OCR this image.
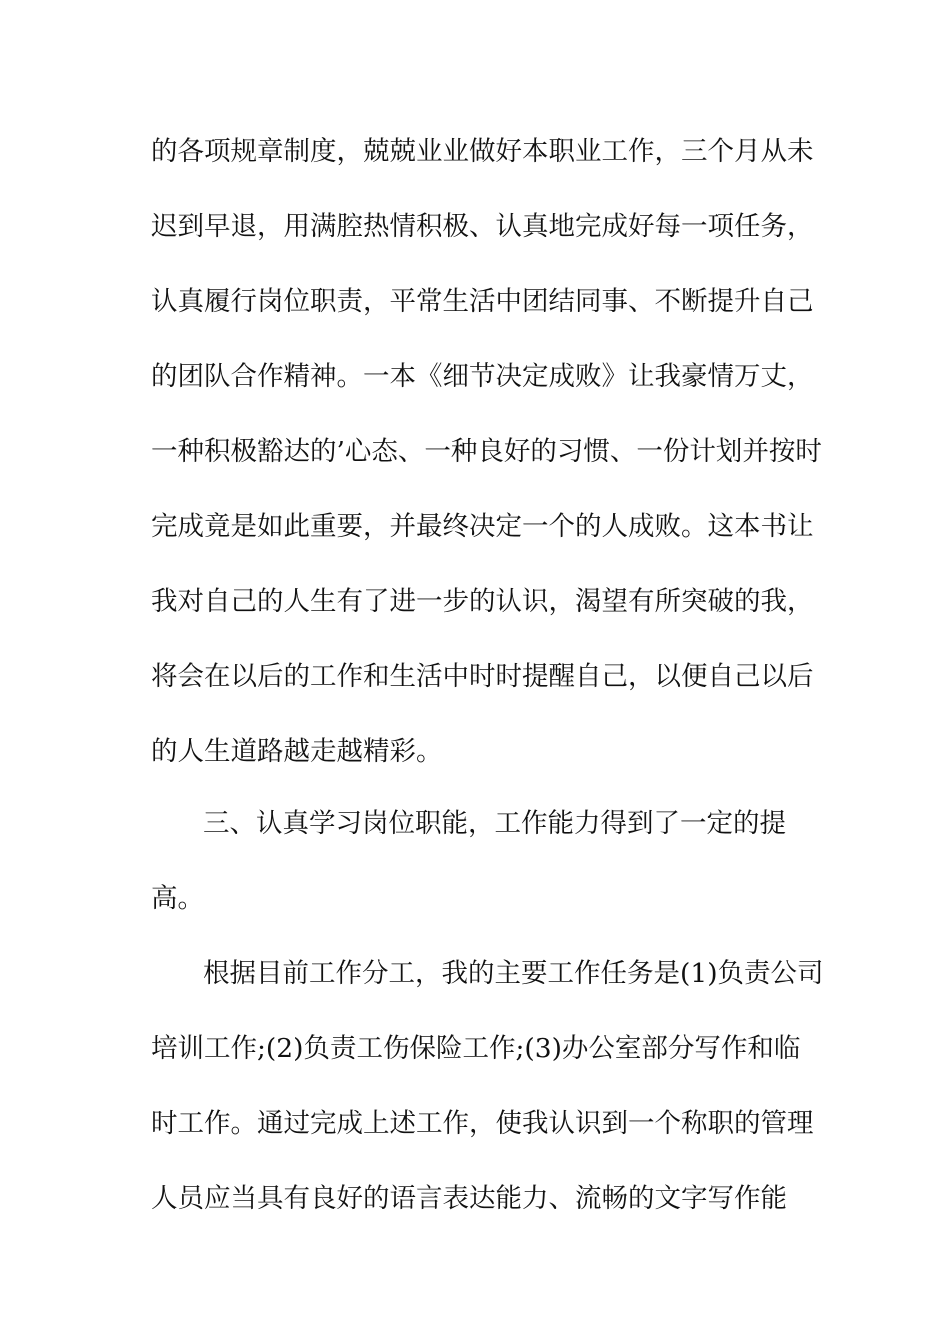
的各项规章制度，兢兢业业做好本职业工作，三个月从未
迟到早退，用满腔热情积极、认真地完成好每一项任务，
认真履行岗位职责，平常生活中团结同事、不断提升自己
的团队合作精神。一本《细节决定成败》让我豪情万丈，
一种积极豁达的’心态、一种良好的习惯、一份计划并按时
完成竟是如此重要，并最终决定一个的人成败。这本书让
我对自己的人生有了进一步的认识，渴望有所突破的我，
将会在以后的工作和生活中时时提醒自己，以便自己以后
的人生道路越走越精彩。
三、认真学习岗位职能，工作能力得到了一定的提
高。
根据目前工作分工，我的主要工作任务是(1)负责公司
培训工作;(2)负责工伤保险工作;(3)办公室部分写作和临
时工作。通过完成上述工作，使我认识到一个称职的管理
人员应当具有良好的语言表达能力、流畅的文字写作能
